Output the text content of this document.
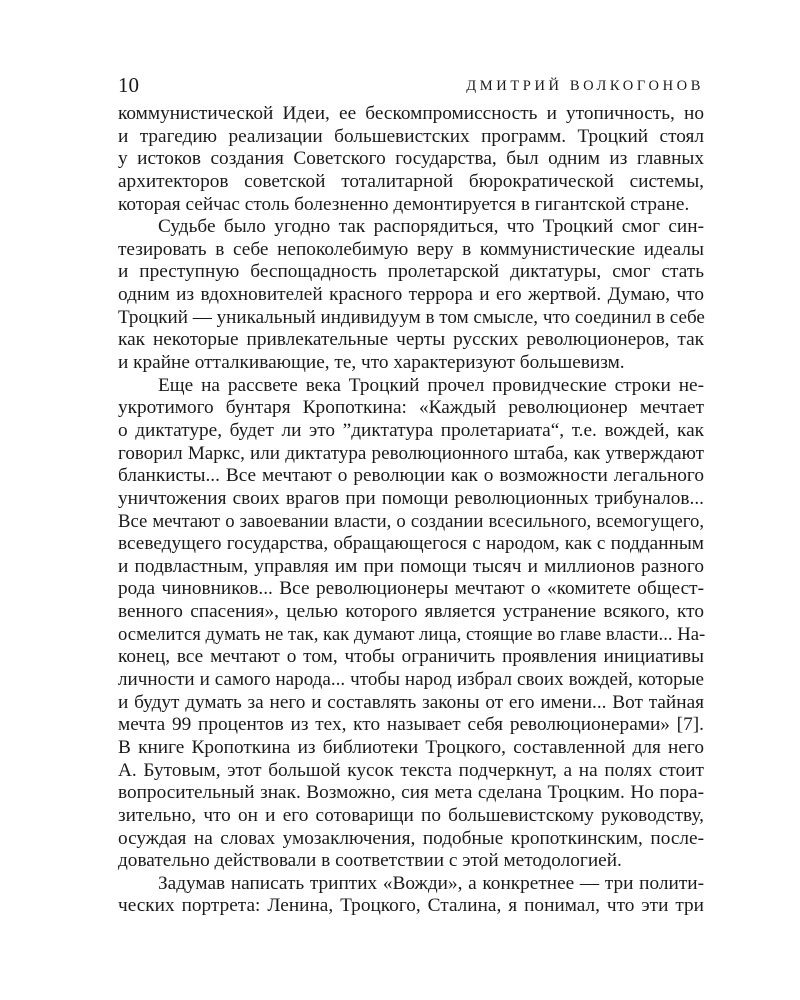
10	ДМИТРИЙ ВОЛКОГОНОВ
коммунистической Идеи, ее бескомпромиссность и утопичность, но
и трагедию реализации большевистских программ. Троцкий стоял
у истоков создания Советского государства, был одним из главных
архитекторов советской тоталитарной бюрократической системы,
которая сейчас столь болезненно демонтируется в гигантской стране.
Судьбе было угодно так распорядиться, что Троцкий смог син-
тезировать в себе непоколебимую веру в коммунистические идеалы
и преступную беспощадность пролетарской диктатуры, смог стать
одним из вдохновителей красного террора и его жертвой. Думаю, что
Троцкий — уникальный индивидуум в том смысле, что соединил в себе
как некоторые привлекательные черты русских революционеров, так
и крайне отталкивающие, те, что характеризуют большевизм.
Еще на рассвете века Троцкий прочел провидческие строки не-
укротимого бунтаря Кропоткина: «Каждый революционер мечтает
о диктатуре, будет ли это ”диктатура пролетариата“, т.е. вождей, как
говорил Маркс, или диктатура революционного штаба, как утверждают
бланкисты... Все мечтают о революции как о возможности легального
уничтожения своих врагов при помощи революционных трибуналов...
Все мечтают о завоевании власти, о создании всесильного, всемогущего,
всеведущего государства, обращающегося с народом, как с подданным
и подвластным, управляя им при помощи тысяч и миллионов разного
рода чиновников... Все революционеры мечтают о «комитете общест-
венного спасения», целью которого является устранение всякого, кто
осмелится думать не так, как думают лица, стоящие во главе власти... На-
конец, все мечтают о том, чтобы ограничить проявления инициативы
личности и самого народа... чтобы народ избрал своих вождей, которые
и будут думать за него и составлять законы от его имени... Вот тайная
мечта 99 процентов из тех, кто называет себя революционерами» [7].
В книге Кропоткина из библиотеки Троцкого, составленной для него
А. Бутовым, этот большой кусок текста подчеркнут, а на полях стоит
вопросительный знак. Возможно, сия мета сделана Троцким. Но пора-
зительно, что он и его сотоварищи по большевистскому руководству,
осуждая на словах умозаключения, подобные кропоткинским, после-
довательно действовали в соответствии с этой методологией.
Задумав написать триптих «Вожди», а конкретнее — три полити-
ческих портрета: Ленина, Троцкого, Сталина, я понимал, что эти три
